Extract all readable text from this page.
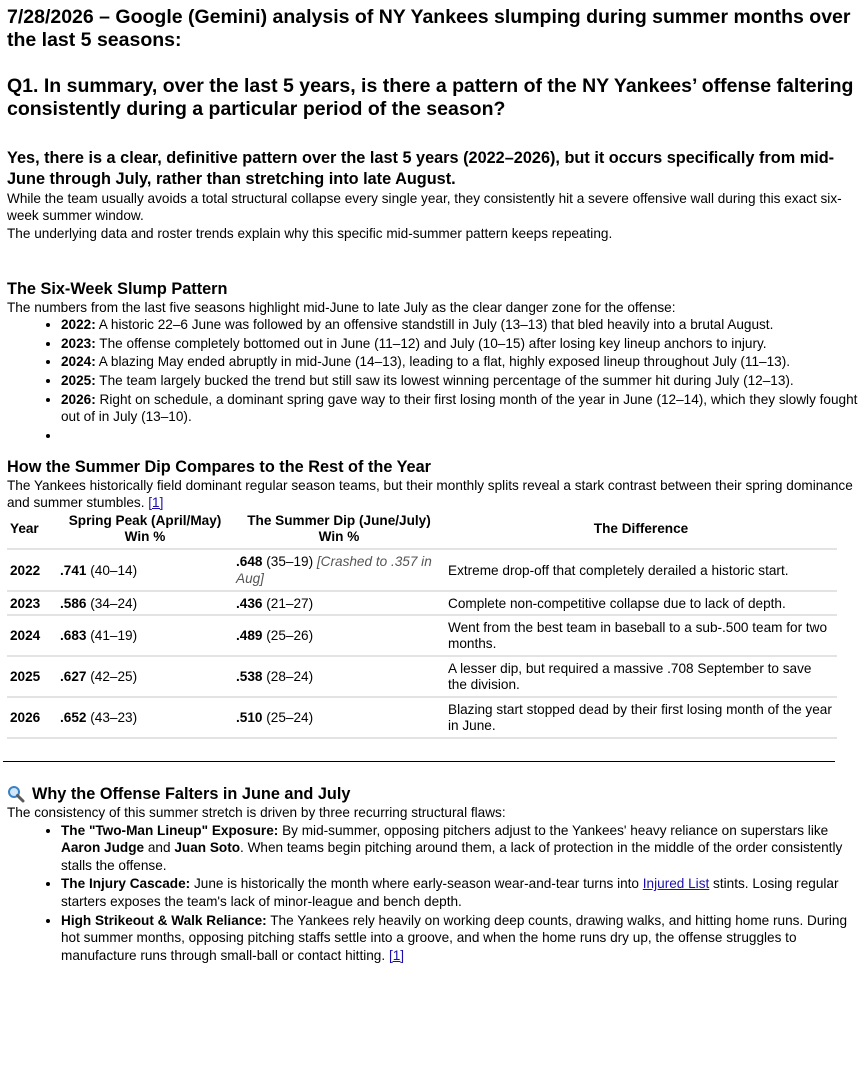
7/28/2026 – Google (Gemini) analysis of NY Yankees slumping during summer months over the last 5 seasons:
Q1. In summary, over the last 5 years, is there a pattern of the NY Yankees’ offense faltering consistently during a particular period of the season?
Yes, there is a clear, definitive pattern over the last 5 years (2022–2026), but it occurs specifically from mid-June through July, rather than stretching into late August.

While the team usually avoids a total structural collapse every single year, they consistently hit a severe offensive wall during this exact six-week summer window.

The underlying data and roster trends explain why this specific mid-summer pattern keeps repeating.

The Six-Week Slump Pattern

The numbers from the last five seasons highlight mid-June to late July as the clear danger zone for the offense:

• 2022: A historic 22–6 June was followed by an offensive standstill in July (13–13) that bled heavily into a brutal August.
• 2023: The offense completely bottomed out in June (11–12) and July (10–15) after losing key lineup anchors to injury.
• 2024: A blazing May ended abruptly in mid-June (14–13), leading to a flat, highly exposed lineup throughout July (11–13).
• 2025: The team largely bucked the trend but still saw its lowest winning percentage of the summer hit during July (12–13).
• 2026: Right on schedule, a dominant spring gave way to their first losing month of the year in June (12–14), which they slowly fought out of in July (13–10).
•
How the Summer Dip Compares to the Rest of the Year

The Yankees historically field dominant regular season teams, but their monthly splits reveal a stark contrast between their spring dominance and summer stumbles. [1]

Year	Spring Peak (April/May) Win %	The Summer Dip (June/July) Win %	The Difference
2022	.741 (40–14)	.648 (35–19) [Crashed to .357 in Aug]	Extreme drop-off that completely derailed a historic start.
2023	.586 (34–24)	.436 (21–27)	Complete non-competitive collapse due to lack of depth.
2024	.683 (41–19)	.489 (25–26)	Went from the best team in baseball to a sub-.500 team for two months.
2025	.627 (42–25)	.538 (28–24)	A lesser dip, but required a massive .708 September to save the division.
2026	.652 (43–23)	.510 (25–24)	Blazing start stopped dead by their first losing month of the year in June.
Why the Offense Falters in June and July

The consistency of this summer stretch is driven by three recurring structural flaws:

• The "Two-Man Lineup" Exposure: By mid-summer, opposing pitchers adjust to the Yankees' heavy reliance on superstars like Aaron Judge and Juan Soto. When teams begin pitching around them, a lack of protection in the middle of the order consistently stalls the offense.
• The Injury Cascade: June is historically the month where early-season wear-and-tear turns into Injured List stints. Losing regular starters exposes the team's lack of minor-league and bench depth.
• High Strikeout & Walk Reliance: The Yankees rely heavily on working deep counts, drawing walks, and hitting home runs. During hot summer months, opposing pitching staffs settle into a groove, and when the home runs dry up, the offense struggles to manufacture runs through small-ball or contact hitting. [1]
